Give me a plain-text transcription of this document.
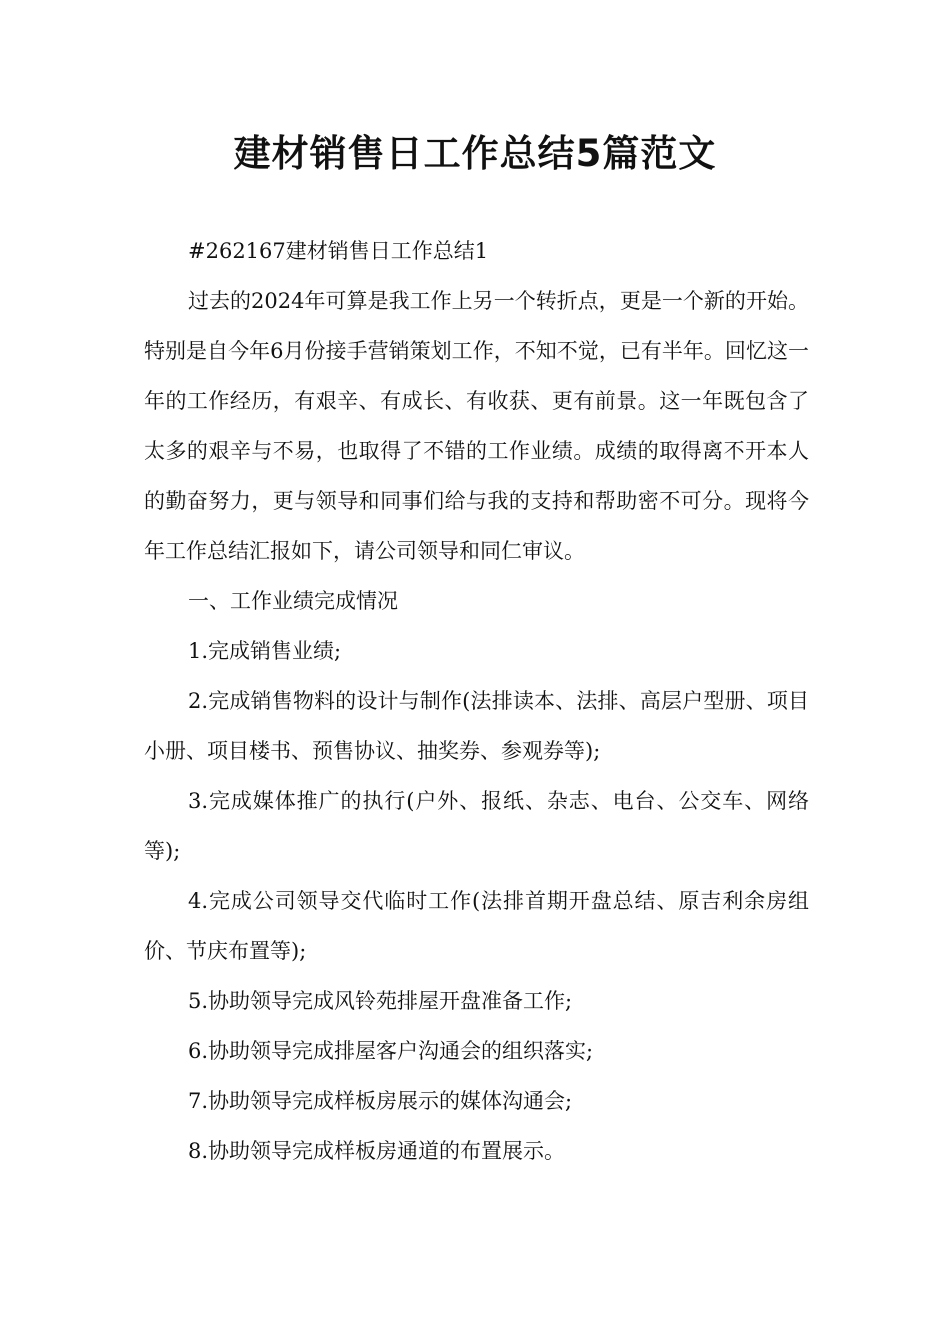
建材销售日工作总结5篇范文

#262167建材销售日工作总结1

过去的2024年可算是我工作上另一个转折点，更是一个新的开始。特别是自今年6月份接手营销策划工作，不知不觉，已有半年。回忆这一年的工作经历，有艰辛、有成长、有收获、更有前景。这一年既包含了太多的艰辛与不易，也取得了不错的工作业绩。成绩的取得离不开本人的勤奋努力，更与领导和同事们给与我的支持和帮助密不可分。现将今年工作总结汇报如下，请公司领导和同仁审议。

一、工作业绩完成情况

1.完成销售业绩;

2.完成销售物料的设计与制作(法排读本、法排、高层户型册、项目小册、项目楼书、预售协议、抽奖券、参观券等);

3.完成媒体推广的执行(户外、报纸、杂志、电台、公交车、网络等);

4.完成公司领导交代临时工作(法排首期开盘总结、原吉利余房组价、节庆布置等);

5.协助领导完成风铃苑排屋开盘准备工作;

6.协助领导完成排屋客户沟通会的组织落实;

7.协助领导完成样板房展示的媒体沟通会;

8.协助领导完成样板房通道的布置展示。
